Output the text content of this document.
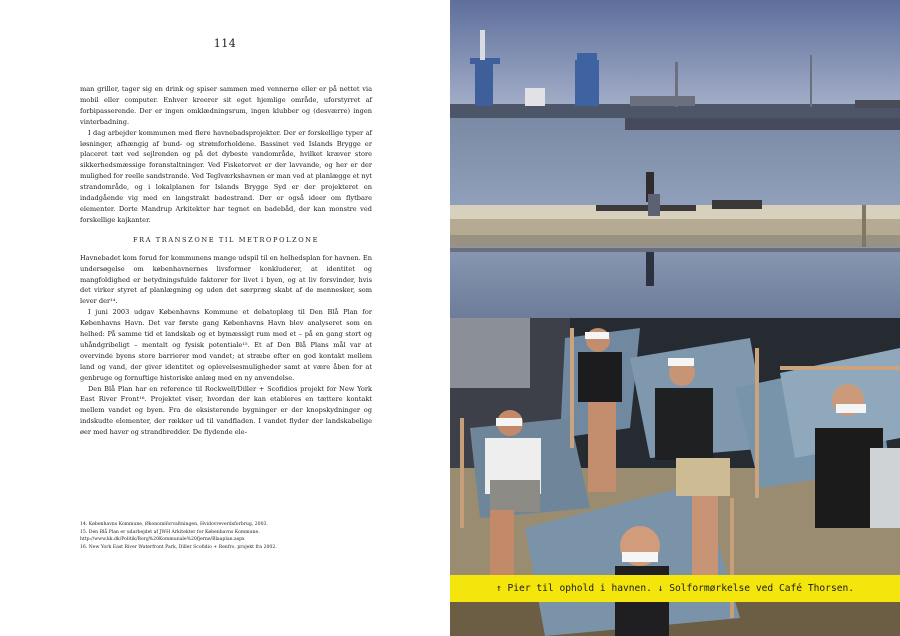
114

man griller, tager sig en drink og spiser sammen med vennerne eller er på nettet via mobil eller computer. Enhver kreerer sit eget hjemlige område, uforstyrret af forbipasserende. Der er ingen omklædningsrum, ingen klubber og (desværre) ingen vinterbadning.

I dag arbejder kommunen med flere havnebadsprojekter. Der er forskellige typer af løsninger, afhængig af bund- og strømforholdene. Bassinet ved Islands Brygge er placeret tæt ved sejlrenden og på det dybeste vandområde, hvilket kræver store sikkerhedsmæssige foranstaltninger. Ved Fisketorvet er der lavvande, og her er der mulighed for reelle sandstrande. Ved Teglværkshavnen er man ved at planlægge et nyt strandområde, og i lokalplanen for Islands Brygge Syd er der projekteret en indadgående vig med en langstrakt badestrand. Der er også ideer om flytbare elementer. Dorte Mandrup Arkitekter har tegnet en badebåd, der kan monstre ved forskellige kajkanter.

FRA TRANSZONE TIL METROPOLZONE

Havnebadet kom forud for kommunens mange udspil til en helhedsplan for havnen. En undersøgelse om københavnernes livsformer konkluderer, at identitet og mangfoldighed er betydningsfulde faktorer for livet i byen, og at liv forsvinder, hvis det virker styret af planlægning og uden det særpræg skabt af de mennesker, som lever der¹⁴.

I juni 2003 udgav Københavns Kommune et debatoplæg til Den Blå Plan for Københavns Havn. Det var første gang Københavns Havn blev analyseret som en helhed: På samme tid et landskab og et bymæssigt rum med et – på en gang stort og uhåndgribeligt – mentalt og fysisk potentiale¹⁵. Et af Den Blå Plans mål var at overvinde byens store barrierer mod vandet; at stræbe efter en god kontakt mellem land og vand, der giver identitet og oplevelsesmuligheder samt at være åben for at genbruge og fornuftige historiske anlæg med en ny anvendelse.

Den Blå Plan har en reference til Rockwell/Diller + Scofidios projekt for New York East River Front¹⁶. Projektet viser, hvordan der kan etableres en tættere kontakt mellem vandet og byen. Fra de eksisterende bygninger er der knopskydninger og indskudte elementer, der rækker ud til vandfladen. I vandet flyder der landskabelige øer med haver og strandbredder. De flydende ele-

14. Københavns Kommune, Økonomiforvaltningen, Hvidovreverdsforbrug, 2003.

15. Den Blå Plan er udarbejdet af JWH Arkitekter for Københavns Kommune. http://www.kk.dk/Politik/Borg%20Kommunale%20fjerne/Blaaplan.aspx

16. New York East River Waterfront Park, Diller Scofidio + Renfro, projekt fra 2002.

↑ Pier til ophold i havnen. ↓ Solformørkelse ved Café Thorsen.
